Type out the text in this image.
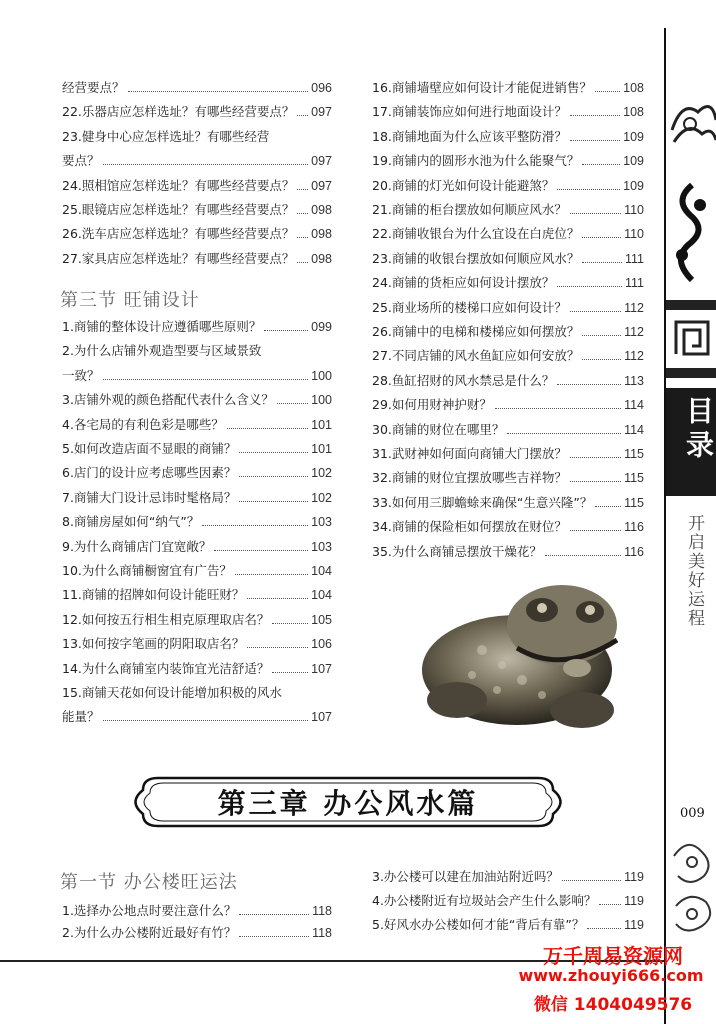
经营要点？	096
22.乐器店应怎样选址？有哪些经营要点？ 097
23.健身中心应怎样选址？有哪些经营
要点？	097
24.照相馆应怎样选址？有哪些经营要点？ 097
25.眼镜店应怎样选址？有哪些经营要点？ 098
26.洗车店应怎样选址？有哪些经营要点？ 098
27.家具店应怎样选址？有哪些经营要点？ 098
第三节 旺铺设计
1.商铺的整体设计应遵循哪些原则？	099
2.为什么店铺外观造型要与区域景致
一致？	100
3.店铺外观的颜色搭配代表什么含义？	100
4.各宅局的有利色彩是哪些？	101
5.如何改造店面不显眼的商铺？	101
6.店门的设计应考虑哪些因素？	102
7.商铺大门设计忌讳时髦格局？	102
8.商铺房屋如何“纳气”？	103
9.为什么商铺店门宜宽敞？	103
10.为什么商铺橱窗宜有广告？	104
11.商铺的招牌如何设计能旺财？	104
12.如何按五行相生相克原理取店名？	105
13.如何按字笔画的阴阳取店名？	106
14.为什么商铺室内装饰宜光洁舒适？	107
15.商铺天花如何设计能增加积极的风水
能量？	107
16.商铺墙壁应如何设计才能促进销售？	108
17.商铺装饰应如何进行地面设计？	108
18.商铺地面为什么应该平整防滑？	109
19.商铺内的圆形水池为什么能聚气？	109
20.商铺的灯光如何设计能避煞？	109
21.商铺的柜台摆放如何顺应风水？	110
22.商铺收银台为什么宜设在白虎位？	110
23.商铺的收银台摆放如何顺应风水？	111
24.商铺的货柜应如何设计摆放？	111
25.商业场所的楼梯口应如何设计？	112
26.商铺中的电梯和楼梯应如何摆放？	112
27.不同店铺的风水鱼缸应如何安放？	112
28.鱼缸招财的风水禁忌是什么？	113
29.如何用财神护财？	114
30.商铺的财位在哪里？	114
31.武财神如何面向商铺大门摆放？	115
32.商铺的财位宜摆放哪些吉祥物？	115
33.如何用三脚蟾蜍来确保“生意兴隆”？	115
34.商铺的保险柜如何摆放在财位？	116
35.为什么商铺忌摆放干燥花？	116
第三章 办公风水篇
第一节 办公楼旺运法
1.选择办公地点时要注意什么？	118
2.为什么办公楼附近最好有竹？	118
3.办公楼可以建在加油站附近吗？	119
4.办公楼附近有垃圾站会产生什么影响？ 119
5.好风水办公楼如何才能“背后有靠”？	119
目录
开启美好运程
009
万千周易资源网
www.zhouyi666.com
微信 1404049576
